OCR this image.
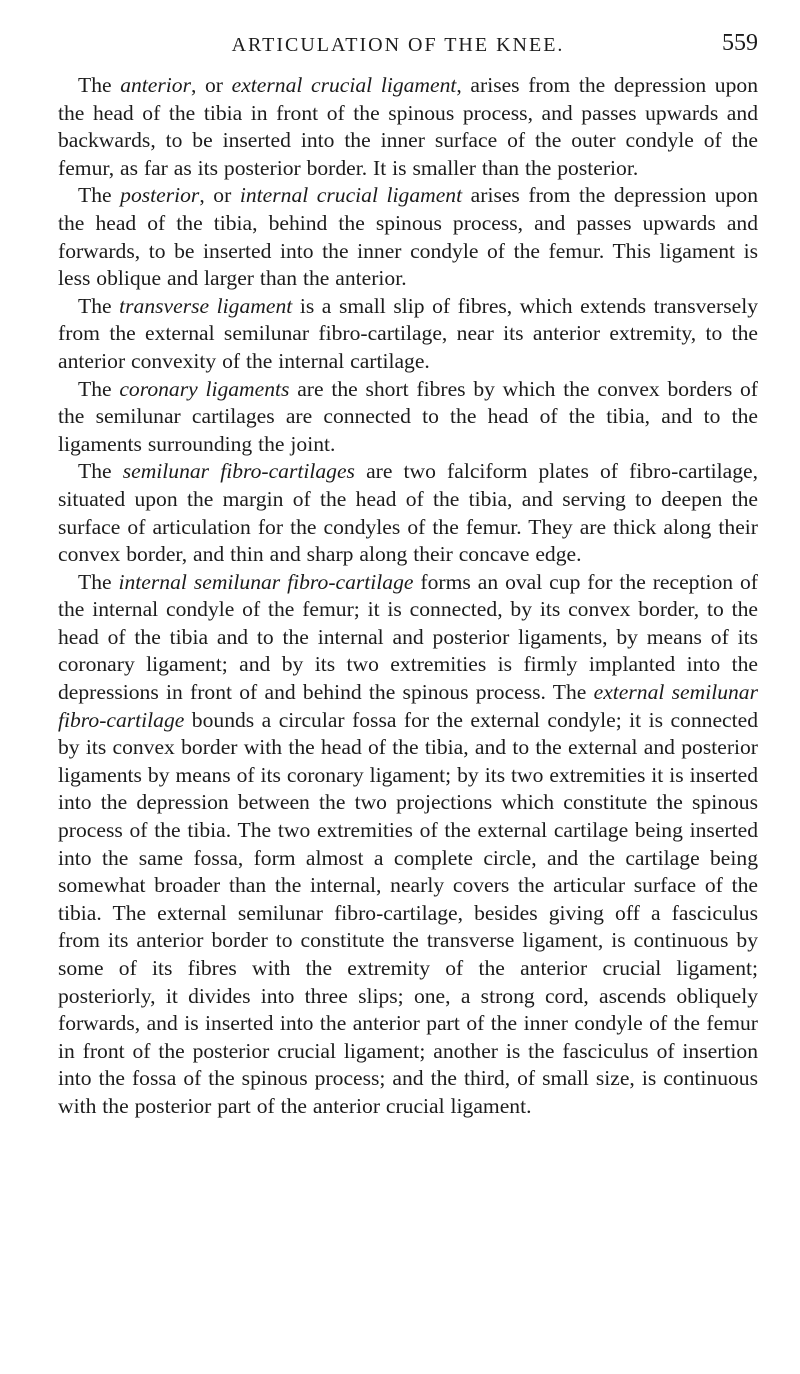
ARTICULATION OF THE KNEE.	559

The anterior, or external crucial ligament, arises from the depression upon the head of the tibia in front of the spinous process, and passes upwards and backwards, to be inserted into the inner surface of the outer condyle of the femur, as far as its posterior border. It is smaller than the posterior.

The posterior, or internal crucial ligament arises from the depression upon the head of the tibia, behind the spinous process, and passes upwards and forwards, to be inserted into the inner condyle of the femur. This ligament is less oblique and larger than the anterior.

The transverse ligament is a small slip of fibres, which extends transversely from the external semilunar fibro-cartilage, near its anterior extremity, to the anterior convexity of the internal cartilage.

The coronary ligaments are the short fibres by which the convex borders of the semilunar cartilages are connected to the head of the tibia, and to the ligaments surrounding the joint.

The semilunar fibro-cartilages are two falciform plates of fibro-cartilage, situated upon the margin of the head of the tibia, and serving to deepen the surface of articulation for the condyles of the femur. They are thick along their convex border, and thin and sharp along their concave edge.

The internal semilunar fibro-cartilage forms an oval cup for the reception of the internal condyle of the femur; it is connected, by its convex border, to the head of the tibia and to the internal and posterior ligaments, by means of its coronary ligament; and by its two extremities is firmly implanted into the depressions in front of and behind the spinous process. The external semilunar fibro-cartilage bounds a circular fossa for the external condyle; it is connected by its convex border with the head of the tibia, and to the external and posterior ligaments by means of its coronary ligament; by its two extremities it is inserted into the depression between the two projections which constitute the spinous process of the tibia. The two extremities of the external cartilage being inserted into the same fossa, form almost a complete circle, and the cartilage being somewhat broader than the internal, nearly covers the articular surface of the tibia. The external semilunar fibro-cartilage, besides giving off a fasciculus from its anterior border to constitute the transverse ligament, is continuous by some of its fibres with the extremity of the anterior crucial ligament; posteriorly, it divides into three slips; one, a strong cord, ascends obliquely forwards, and is inserted into the anterior part of the inner condyle of the femur in front of the posterior crucial ligament; another is the fasciculus of insertion into the fossa of the spinous process; and the third, of small size, is continuous with the posterior part of the anterior crucial ligament.
